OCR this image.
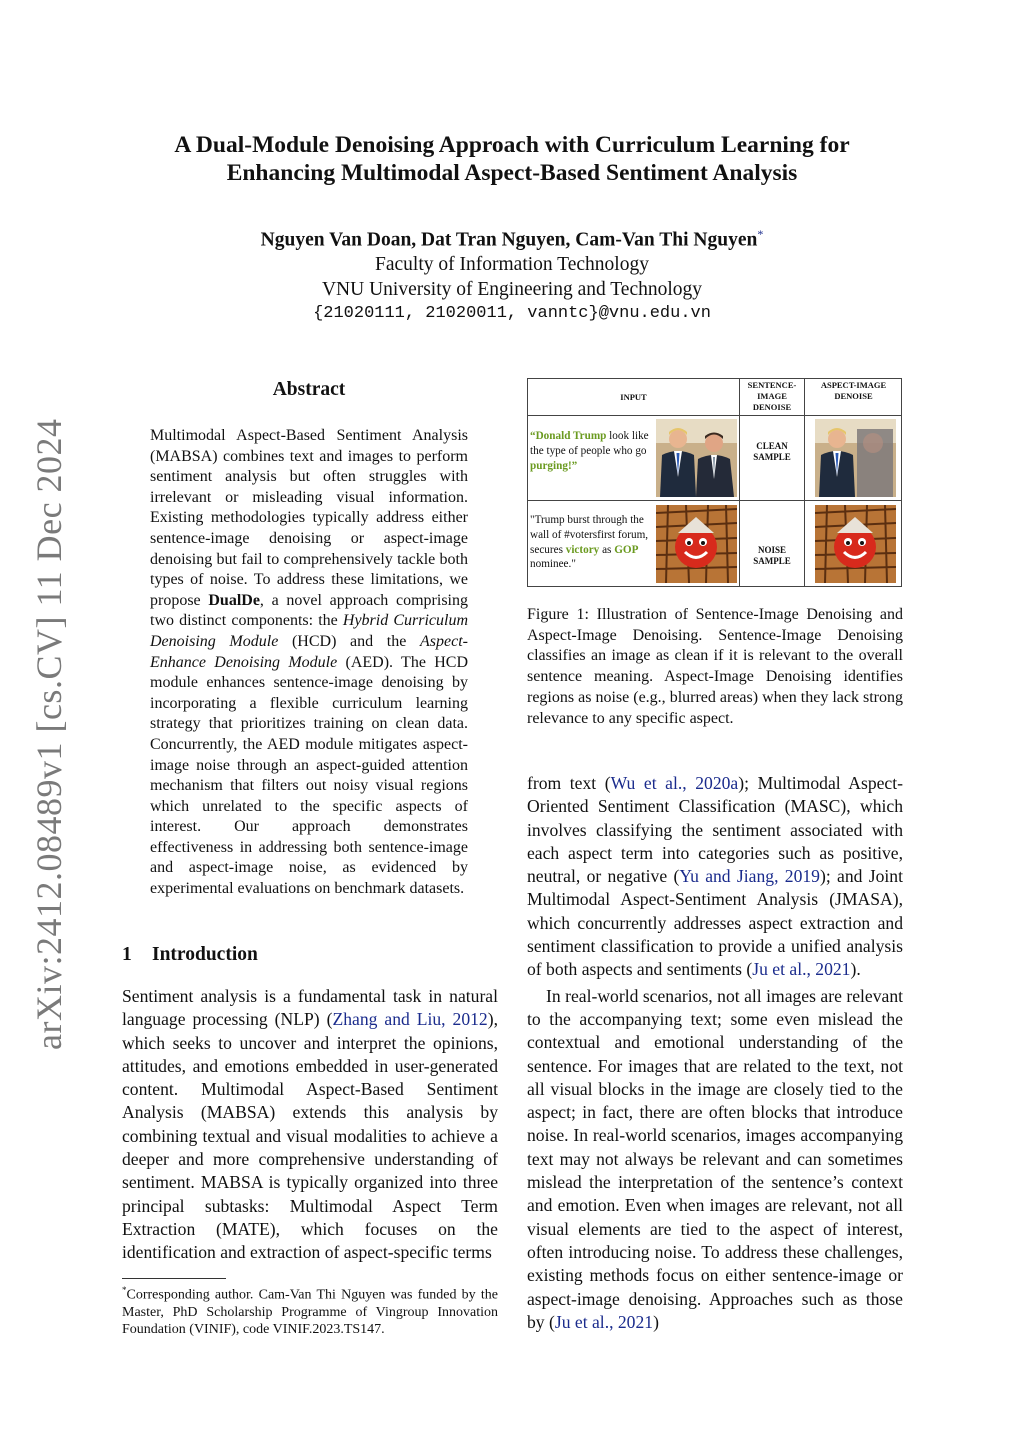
arXiv:2412.08489v1 [cs.CV] 11 Dec 2024
A Dual-Module Denoising Approach with Curriculum Learning for
Enhancing Multimodal Aspect-Based Sentiment Analysis
Nguyen Van Doan, Dat Tran Nguyen, Cam-Van Thi Nguyen*
Faculty of Information Technology
VNU University of Engineering and Technology
{21020111, 21020011, vanntc}@vnu.edu.vn
Abstract
Multimodal Aspect-Based Sentiment Analysis (MABSA) combines text and images to perform sentiment analysis but often struggles with irrelevant or misleading visual information. Existing methodologies typically address either sentence-image denoising or aspect-image denoising but fail to comprehensively tackle both types of noise. To address these limitations, we propose DualDe, a novel approach comprising two distinct components: the Hybrid Curriculum Denoising Module (HCD) and the Aspect-Enhance Denoising Module (AED). The HCD module enhances sentence-image denoising by incorporating a flexible curriculum learning strategy that prioritizes training on clean data. Concurrently, the AED module mitigates aspect-image noise through an aspect-guided attention mechanism that filters out noisy visual regions which unrelated to the specific aspects of interest. Our approach demonstrates effectiveness in addressing both sentence-image and aspect-image noise, as evidenced by experimental evaluations on benchmark datasets.
1 Introduction

Sentiment analysis is a fundamental task in natural language processing (NLP) (Zhang and Liu, 2012), which seeks to uncover and interpret the opinions, attitudes, and emotions embedded in user-generated content. Multimodal Aspect-Based Sentiment Analysis (MABSA) extends this analysis by combining textual and visual modalities to achieve a deeper and more comprehensive understanding of sentiment. MABSA is typically organized into three principal subtasks: Multimodal Aspect Term Extraction (MATE), which focuses on the identification and extraction of aspect-specific terms

*Corresponding author. Cam-Van Thi Nguyen was funded by the Master, PhD Scholarship Programme of Vingroup Innovation Foundation (VINIF), code VINIF.2023.TS147.
INPUT
SENTENCE-IMAGE DENOISE
ASPECT-IMAGE DENOISE
“Donald Trump look like the type of people who go purging!”
CLEAN SAMPLE
"Trump burst through the wall of #votersfirst forum, secures victory as GOP nominee."
NOISE SAMPLE
Figure 1: Illustration of Sentence-Image Denoising and Aspect-Image Denoising. Sentence-Image Denoising classifies an image as clean if it is relevant to the overall sentence meaning. Aspect-Image Denoising identifies regions as noise (e.g., blurred areas) when they lack strong relevance to any specific aspect.

from text (Wu et al., 2020a); Multimodal Aspect-Oriented Sentiment Classification (MASC), which involves classifying the sentiment associated with each aspect term into categories such as positive, neutral, or negative (Yu and Jiang, 2019); and Joint Multimodal Aspect-Sentiment Analysis (JMASA), which concurrently addresses aspect extraction and sentiment classification to provide a unified analysis of both aspects and sentiments (Ju et al., 2021).

In real-world scenarios, not all images are relevant to the accompanying text; some even mislead the contextual and emotional understanding of the sentence. For images that are related to the text, not all visual blocks in the image are closely tied to the aspect; in fact, there are often blocks that introduce noise. In real-world scenarios, images accompanying text may not always be relevant and can sometimes mislead the interpretation of the sentence’s context and emotion. Even when images are relevant, not all visual elements are tied to the aspect of interest, often introducing noise. To address these challenges, existing methods focus on either sentence-image or aspect-image denoising. Approaches such as those by (Ju et al., 2021)
